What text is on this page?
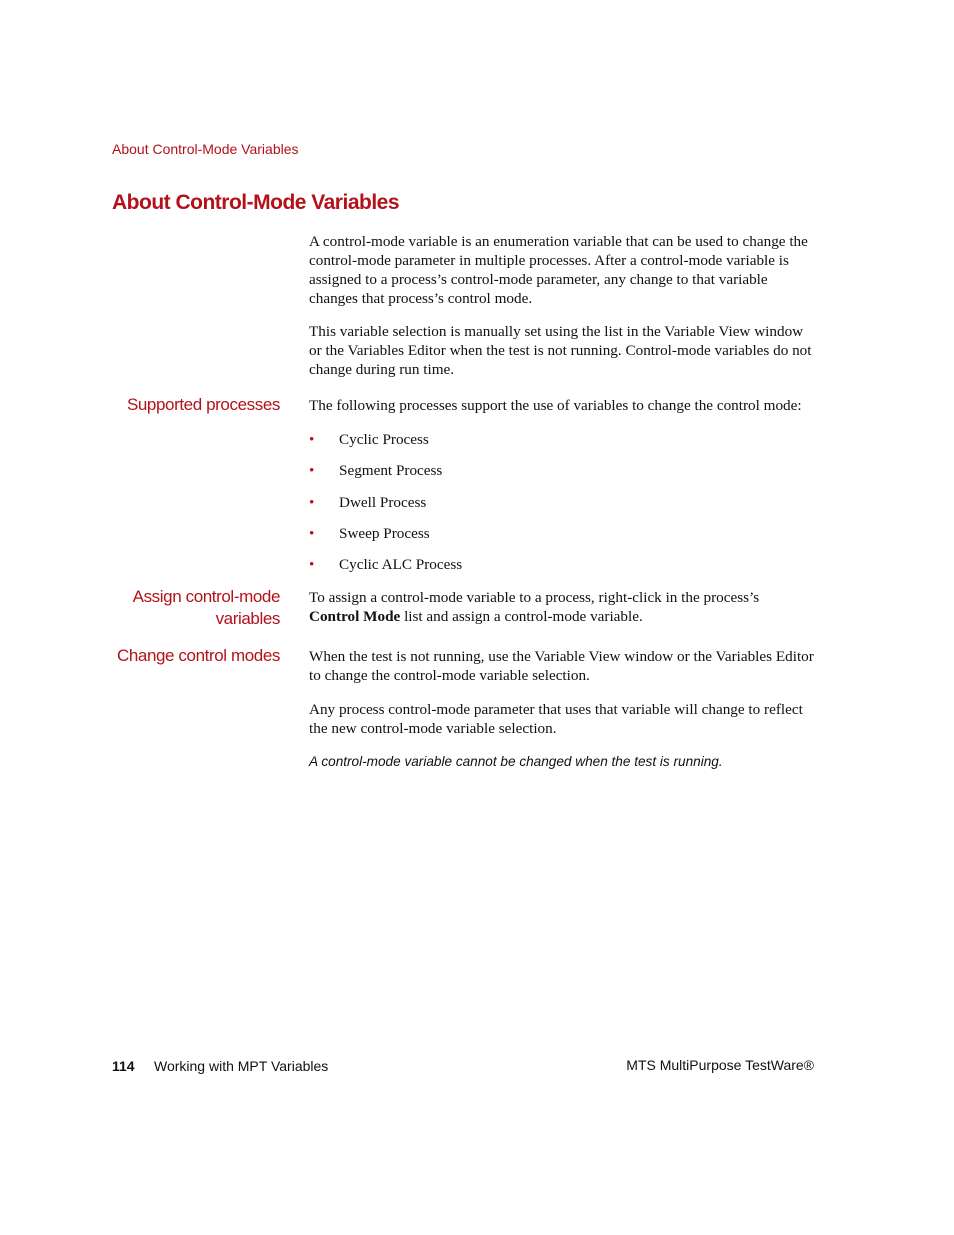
About Control-Mode Variables
About Control-Mode Variables

A control-mode variable is an enumeration variable that can be used to change the control-mode parameter in multiple processes. After a control-mode variable is assigned to a process’s control-mode parameter, any change to that variable changes that process’s control mode.

This variable selection is manually set using the list in the Variable View window or the Variables Editor when the test is not running. Control-mode variables do not change during run time.

Supported processes The following processes support the use of variables to change the control mode:

• Cyclic Process
• Segment Process
• Dwell Process
• Sweep Process
• Cyclic ALC Process
Assign control-mode
variables

To assign a control-mode variable to a process, right-click in the process’s
Control Mode list and assign a control-mode variable.

Change control modes When the test is not running, use the Variable View window or the Variables Editor to change the control-mode variable selection.

Any process control-mode parameter that uses that variable will change to reflect the new control-mode variable selection.

A control-mode variable cannot be changed when the test is running.
114 Working with MPT Variables	MTS MultiPurpose TestWare®
